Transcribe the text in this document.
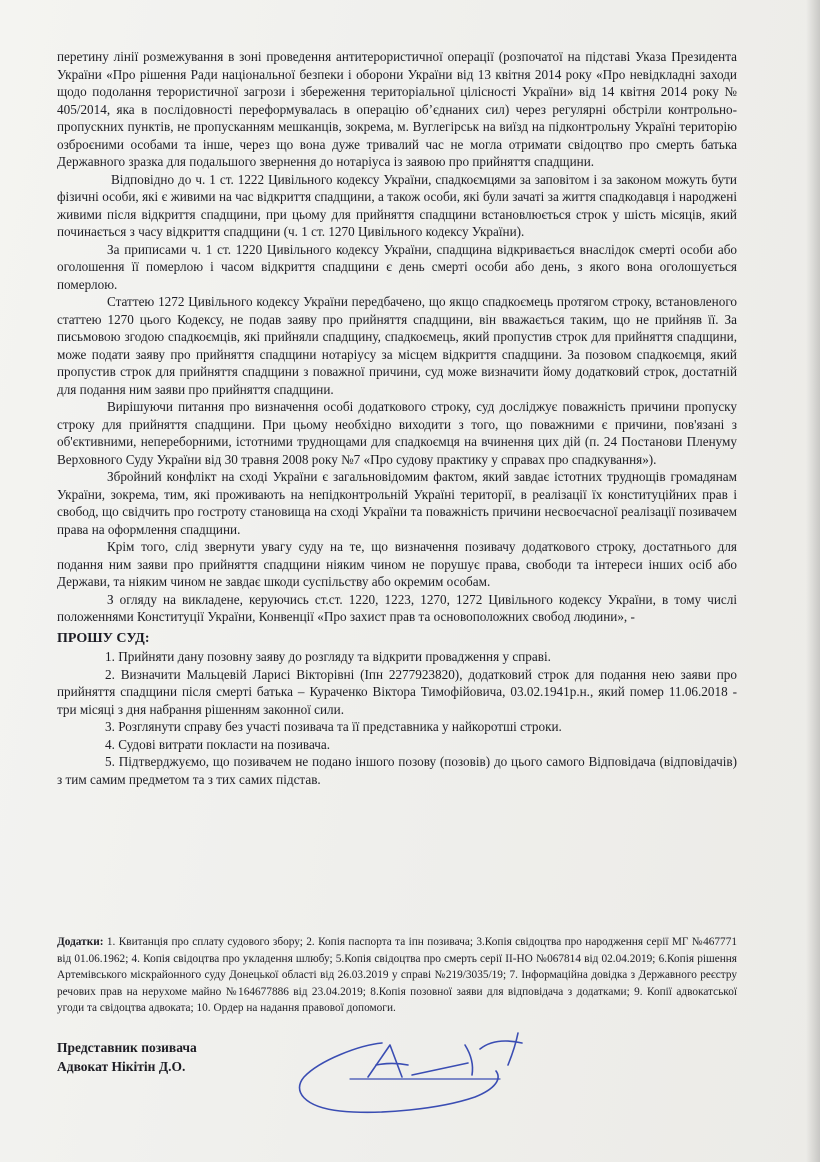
перетину лінії розмежування в зоні проведення антитерористичної операції (розпочатої на підставі Указа Президента України «Про рішення Ради національної безпеки і оборони України від 13 квітня 2014 року «Про невідкладні заходи щодо подолання терористичної загрози і збереження територіальної цілісності України» від 14 квітня 2014 року № 405/2014, яка в послідовності переформувалась в операцію об’єднаних сил) через регулярні обстріли контрольно-пропускних пунктів, не пропусканням мешканців, зокрема, м. Вуглегірськ на виїзд на підконтрольну Україні територію озброєними особами та інше, через що вона дуже тривалий час не могла отримати свідоцтво про смерть батька Державного зразка для подальшого звернення до нотаріуса із заявою про прийняття спадщини.

Відповідно до ч. 1 ст. 1222 Цивільного кодексу України, спадкоємцями за заповітом і за законом можуть бути фізичні особи, які є живими на час відкриття спадщини, а також особи, які були зачаті за життя спадкодавця і народжені живими після відкриття спадщини, при цьому для прийняття спадщини встановлюється строк у шість місяців, який починається з часу відкриття спадщини (ч. 1 ст. 1270 Цивільного кодексу України).

За приписами ч. 1 ст. 1220 Цивільного кодексу України, спадщина відкривається внаслідок смерті особи або оголошення її померлою і часом відкриття спадщини є день смерті особи або день, з якого вона оголошується померлою.

Статтею 1272 Цивільного кодексу України передбачено, що якщо спадкоємець протягом строку, встановленого статтею 1270 цього Кодексу, не подав заяву про прийняття спадщини, він вважається таким, що не прийняв її. За письмовою згодою спадкоємців, які прийняли спадщину, спадкоємець, який пропустив строк для прийняття спадщини, може подати заяву про прийняття спадщини нотаріусу за місцем відкриття спадщини. За позовом спадкоємця, який пропустив строк для прийняття спадщини з поважної причини, суд може визначити йому додатковий строк, достатній для подання ним заяви про прийняття спадщини.

Вирішуючи питання про визначення особі додаткового строку, суд досліджує поважність причини пропуску строку для прийняття спадщини. При цьому необхідно виходити з того, що поважними є причини, пов'язані з об'єктивними, непереборними, істотними труднощами для спадкоємця на вчинення цих дій (п. 24 Постанови Пленуму Верховного Суду України від 30 травня 2008 року №7 «Про судову практику у справах про спадкування»).

Збройний конфлікт на сході України є загальновідомим фактом, який завдає істотних труднощів громадянам України, зокрема, тим, які проживають на непідконтрольній Україні території, в реалізації їх конституційних прав і свобод, що свідчить про гостроту становища на сході України та поважність причини несвоєчасної реалізації позивачем права на оформлення спадщини.

Крім того, слід звернути увагу суду на те, що визначення позивачу додаткового строку, достатнього для подання ним заяви про прийняття спадщини ніяким чином не порушує права, свободи та інтереси інших осіб або Держави, та ніяким чином не завдає шкоди суспільству або окремим особам.

З огляду на викладене, керуючись ст.ст. 1220, 1223, 1270, 1272 Цивільного кодексу України, в тому числі положеннями Конституції України, Конвенції «Про захист прав та основоположних свобод людини», -

ПРОШУ СУД:

1. Прийняти дану позовну заяву до розгляду та відкрити провадження у справі.

2. Визначити Мальцевій Ларисі Вікторівні (Іпн 2277923820), додатковий строк для подання нею заяви про прийняття спадщини після смерті батька – Кураченко Віктора Тимофійовича, 03.02.1941р.н., який помер 11.06.2018 - три місяці з дня набрання рішенням законної сили.

3. Розглянути справу без участі позивача та її представника у найкоротші строки.

4. Судові витрати покласти на позивача.

5. Підтверджуємо, що позивачем не подано іншого позову (позовів) до цього самого Відповідача (відповідачів) з тим самим предметом та з тих самих підстав.

Додатки: 1. Квитанція про сплату судового збору; 2. Копія паспорта та іпн позивача; 3.Копія свідоцтва про народження серії МГ №467771 від 01.06.1962; 4. Копія свідоцтва про укладення шлюбу; 5.Копія свідоцтва про смерть серії ІІ-НО №067814 від 02.04.2019; 6.Копія рішення Артемівського міскрайонного суду Донецької області від 26.03.2019 у справі №219/3035/19; 7. Інформаційна довідка з Державного реєстру речових прав на нерухоме майно №164677886 від 23.04.2019; 8.Копія позовної заяви для відповідача з додатками; 9. Копії адвокатської угоди та свідоцтва адвоката; 10. Ордер на надання правової допомоги.
Представник позивача
Адвокат Нікітін Д.О.
